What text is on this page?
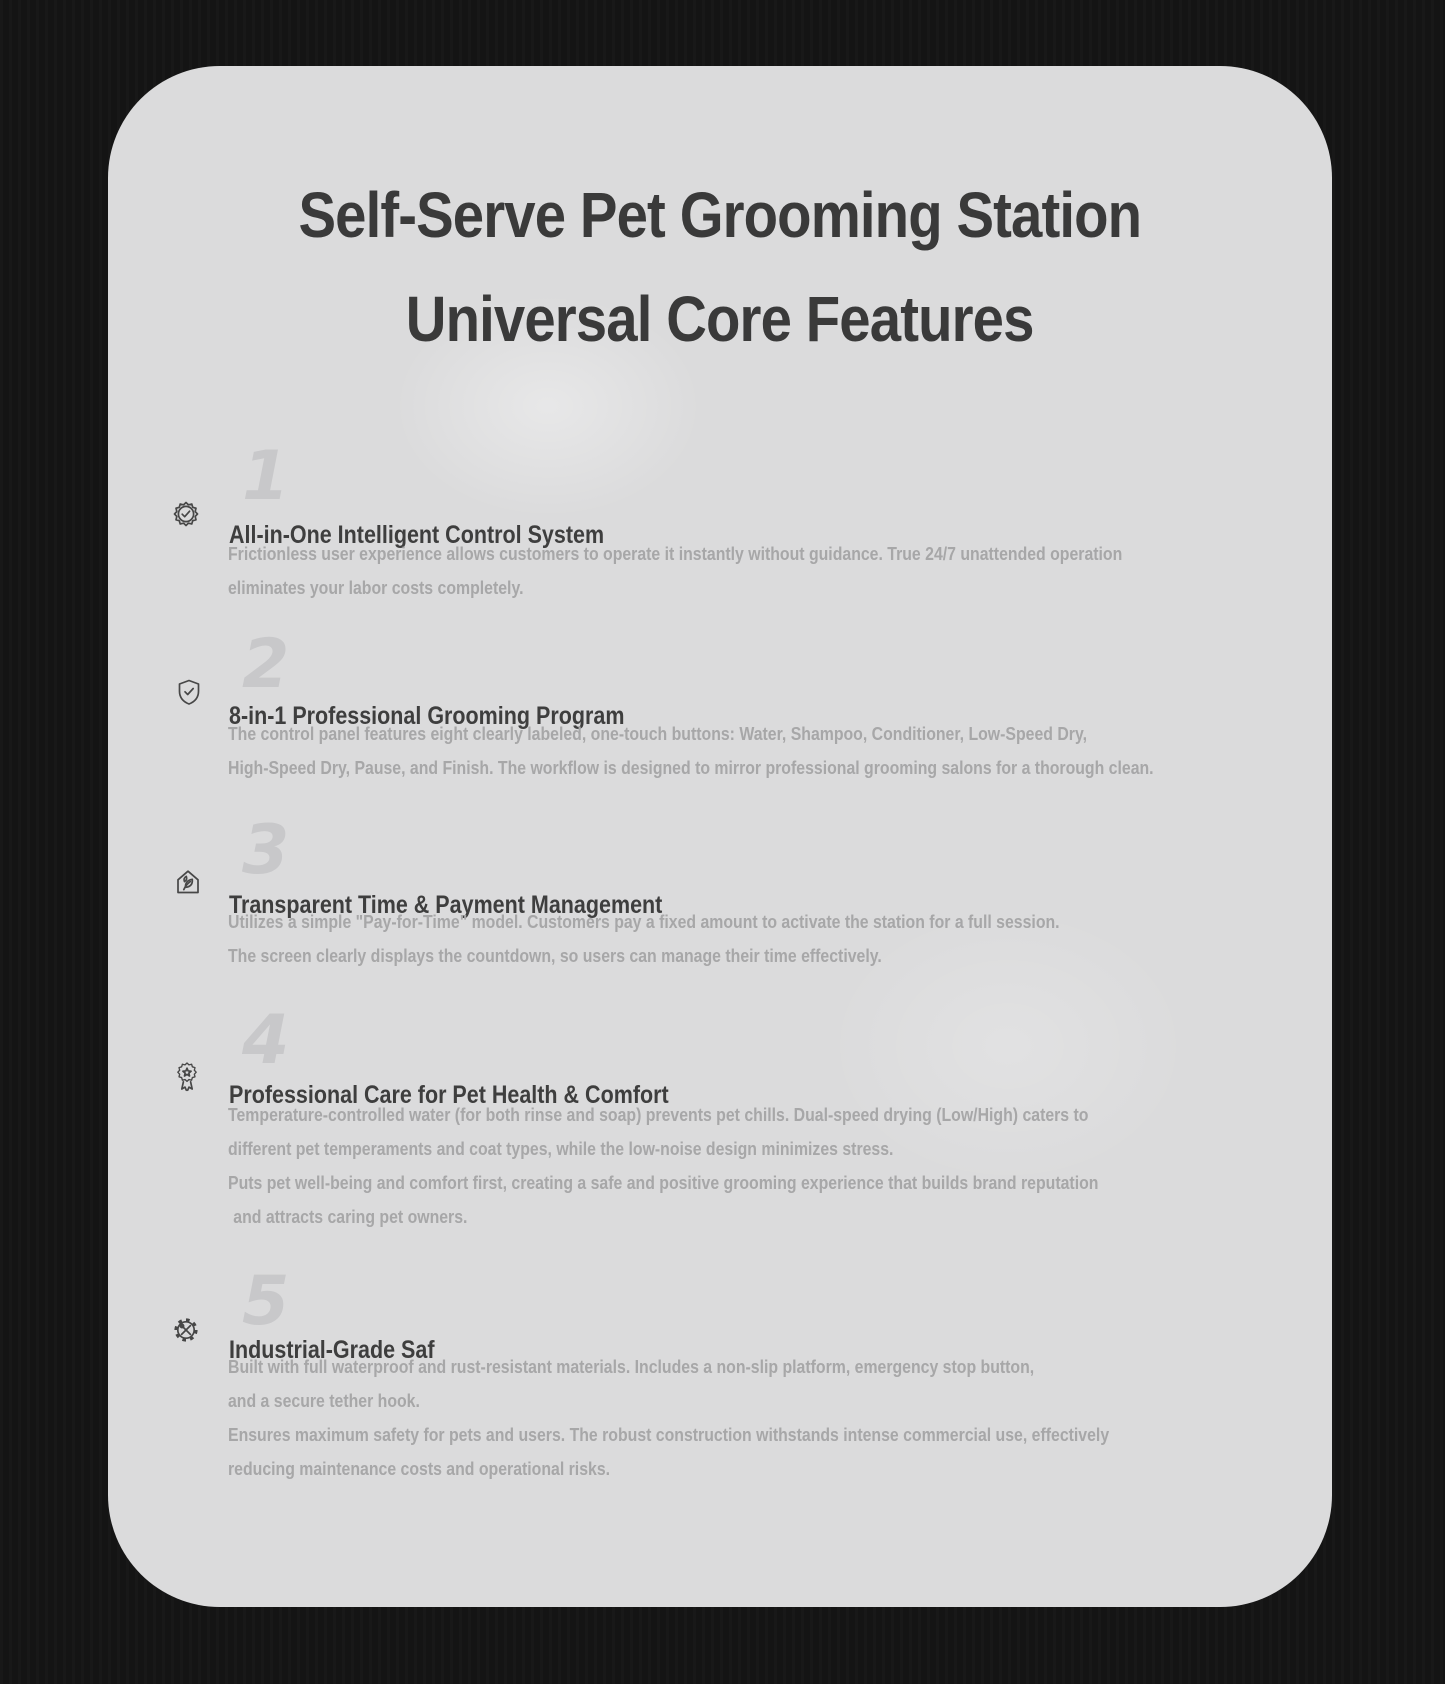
Self-Serve Pet Grooming Station
Universal Core Features
1
All-in-One Intelligent Control System
Frictionless user experience allows customers to operate it instantly without guidance. True 24/7 unattended operation
eliminates your labor costs completely.
2
8-in-1 Professional Grooming Program
The control panel features eight clearly labeled, one-touch buttons: Water, Shampoo, Conditioner, Low-Speed Dry,
High-Speed Dry, Pause, and Finish. The workflow is designed to mirror professional grooming salons for a thorough clean.
3
Transparent Time & Payment Management
Utilizes a simple "Pay-for-Time" model. Customers pay a fixed amount to activate the station for a full session.
The screen clearly displays the countdown, so users can manage their time effectively.
4
Professional Care for Pet Health & Comfort
Temperature-controlled water (for both rinse and soap) prevents pet chills. Dual-speed drying (Low/High) caters to
different pet temperaments and coat types, while the low-noise design minimizes stress.
Puts pet well-being and comfort first, creating a safe and positive grooming experience that builds brand reputation
and attracts caring pet owners.
5
Industrial-Grade Saf
Built with full waterproof and rust-resistant materials. Includes a non-slip platform, emergency stop button,
and a secure tether hook.
Ensures maximum safety for pets and users. The robust construction withstands intense commercial use, effectively
reducing maintenance costs and operational risks.
